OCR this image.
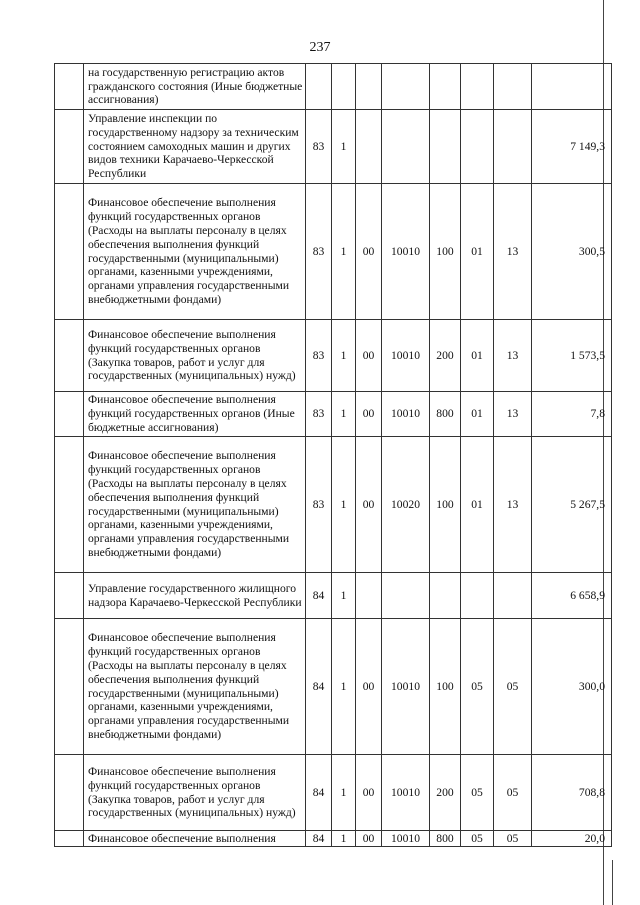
237
	на государственную регистрацию актов гражданского состояния (Иные бюджетные ассигнования)								
	Управление инспекции по государственному надзору за техническим состоянием самоходных машин и других видов техники Карачаево-Черкесской Республики	83	1						7 149,3
	Финансовое обеспечение выполнения функций государственных органов (Расходы на выплаты персоналу в целях обеспечения выполнения функций государственными (муниципальными) органами, казенными учреждениями, органами управления государственными внебюджетными фондами)	83	1	00	10010	100	01	13	300,5
	Финансовое обеспечение выполнения функций государственных органов (Закупка товаров, работ и услуг для государственных (муниципальных) нужд)	83	1	00	10010	200	01	13	1 573,5
	Финансовое обеспечение выполнения функций государственных органов (Иные бюджетные ассигнования)	83	1	00	10010	800	01	13	7,8
	Финансовое обеспечение выполнения функций государственных органов (Расходы на выплаты персоналу в целях обеспечения выполнения функций государственными (муниципальными) органами, казенными учреждениями, органами управления государственными внебюджетными фондами)	83	1	00	10020	100	01	13	5 267,5
	Управление государственного жилищного надзора Карачаево-Черкесской Республики	84	1						6 658,9
	Финансовое обеспечение выполнения функций государственных органов (Расходы на выплаты персоналу в целях обеспечения выполнения функций государственными (муниципальными) органами, казенными учреждениями, органами управления государственными внебюджетными фондами)	84	1	00	10010	100	05	05	300,0
	Финансовое обеспечение выполнения функций государственных органов (Закупка товаров, работ и услуг для государственных (муниципальных) нужд)	84	1	00	10010	200	05	05	708,8
	Финансовое обеспечение выполнения	84	1	00	10010	800	05	05	20,0
